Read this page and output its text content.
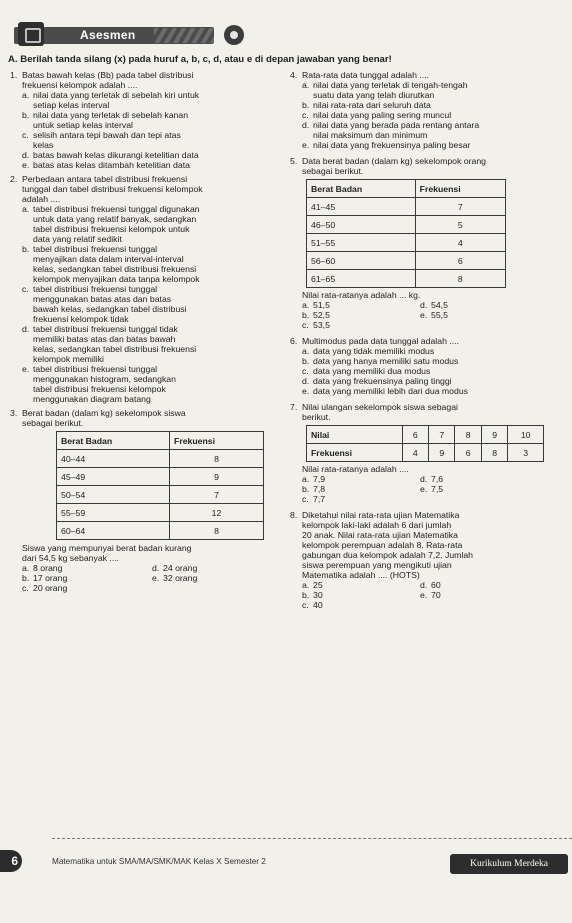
Asesmen
A. Berilah tanda silang (x) pada huruf a, b, c, d, atau e di depan jawaban yang benar!
1. Batas bawah kelas (Bb) pada tabel distribusi
frekuensi kelompok adalah ....
a. nilai data yang terletak di sebelah kiri untuk
setiap kelas interval
b. nilai data yang terletak di sebelah kanan
untuk setiap kelas interval
c. selisih antara tepi bawah dan tepi atas
kelas
d. batas bawah kelas dikurangi ketelitian data
e. batas atas kelas ditambah ketelitian data
2. Perbedaan antara tabel distribusi frekuensi
tunggal dan tabel distribusi frekuensi kelompok
adalah ....
a. tabel distribusi frekuensi tunggal digunakan
untuk data yang relatif banyak, sedangkan
tabel distribusi frekuensi kelompok untuk
data yang relatif sedikit
b. tabel distribusi frekuensi tunggal
menyajikan data dalam interval-interval
kelas, sedangkan tabel distribusi frekuensi
kelompok menyajikan data tanpa kelompok
c. tabel distribusi frekuensi tunggal
menggunakan batas atas dan batas
bawah kelas, sedangkan tabel distribusi
frekuensi kelompok tidak
d. tabel distribusi frekuensi tunggal tidak
memiliki batas atas dan batas bawah
kelas, sedangkan tabel distribusi frekuensi
kelompok memiliki
e. tabel distribusi frekuensi tunggal
menggunakan histogram, sedangkan
tabel distribusi frekuensi kelompok
menggunakan diagram batang
3. Berat badan (dalam kg) sekelompok siswa
sebagai berikut.
Berat Badan	Frekuensi
40–44	8
45–49	9
50–54	7
55–59	12
60–64	8
Siswa yang mempunyai berat badan kurang
dari 54,5 kg sebanyak ....
a. 8 orang	d. 24 orang
b. 17 orang	e. 32 orang
c. 20 orang
4. Rata-rata data tunggal adalah ....
a. nilai data yang terletak di tengah-tengah
suatu data yang telah diurutkan
b. nilai rata-rata dari seluruh data
c. nilai data yang paling sering muncul
d. nilai data yang berada pada rentang antara
nilai maksimum dan minimum
e. nilai data yang frekuensinya paling besar
5. Data berat badan (dalam kg) sekelompok orang
sebagai berikut.
Berat Badan	Frekuensi
41–45	7
46–50	5
51–55	4
56–60	6
61–65	8
Nilai rata-ratanya adalah ... kg.
a. 51,5	d. 54,5
b. 52,5	e. 55,5
c. 53,5
6. Multimodus pada data tunggal adalah ....
a. data yang tidak memiliki modus
b. data yang hanya memiliki satu modus
c. data yang memiliki dua modus
d. data yang frekuensinya paling tinggi
e. data yang memiliki lebih dari dua modus
7. Nilai ulangan sekelompok siswa sebagai
berikut.
Nilai	6	7	8	9	10
Frekuensi	4	9	6	8	3
Nilai rata-ratanya adalah ....
a. 7,9	d. 7,6
b. 7,8	e. 7,5
c. 7,7
8. Diketahui nilai rata-rata ujian Matematika
kelompok laki-laki adalah 6 dari jumlah
20 anak. Nilai rata-rata ujian Matematika
kelompok perempuan adalah 8. Rata-rata
gabungan dua kelompok adalah 7,2. Jumlah
siswa perempuan yang mengikuti ujian
Matematika adalah .... (HOTS)
a. 25	d. 60
b. 30	e. 70
c. 40
6	Matematika untuk SMA/MA/SMK/MAK Kelas X Semester 2	Kurikulum Merdeka
